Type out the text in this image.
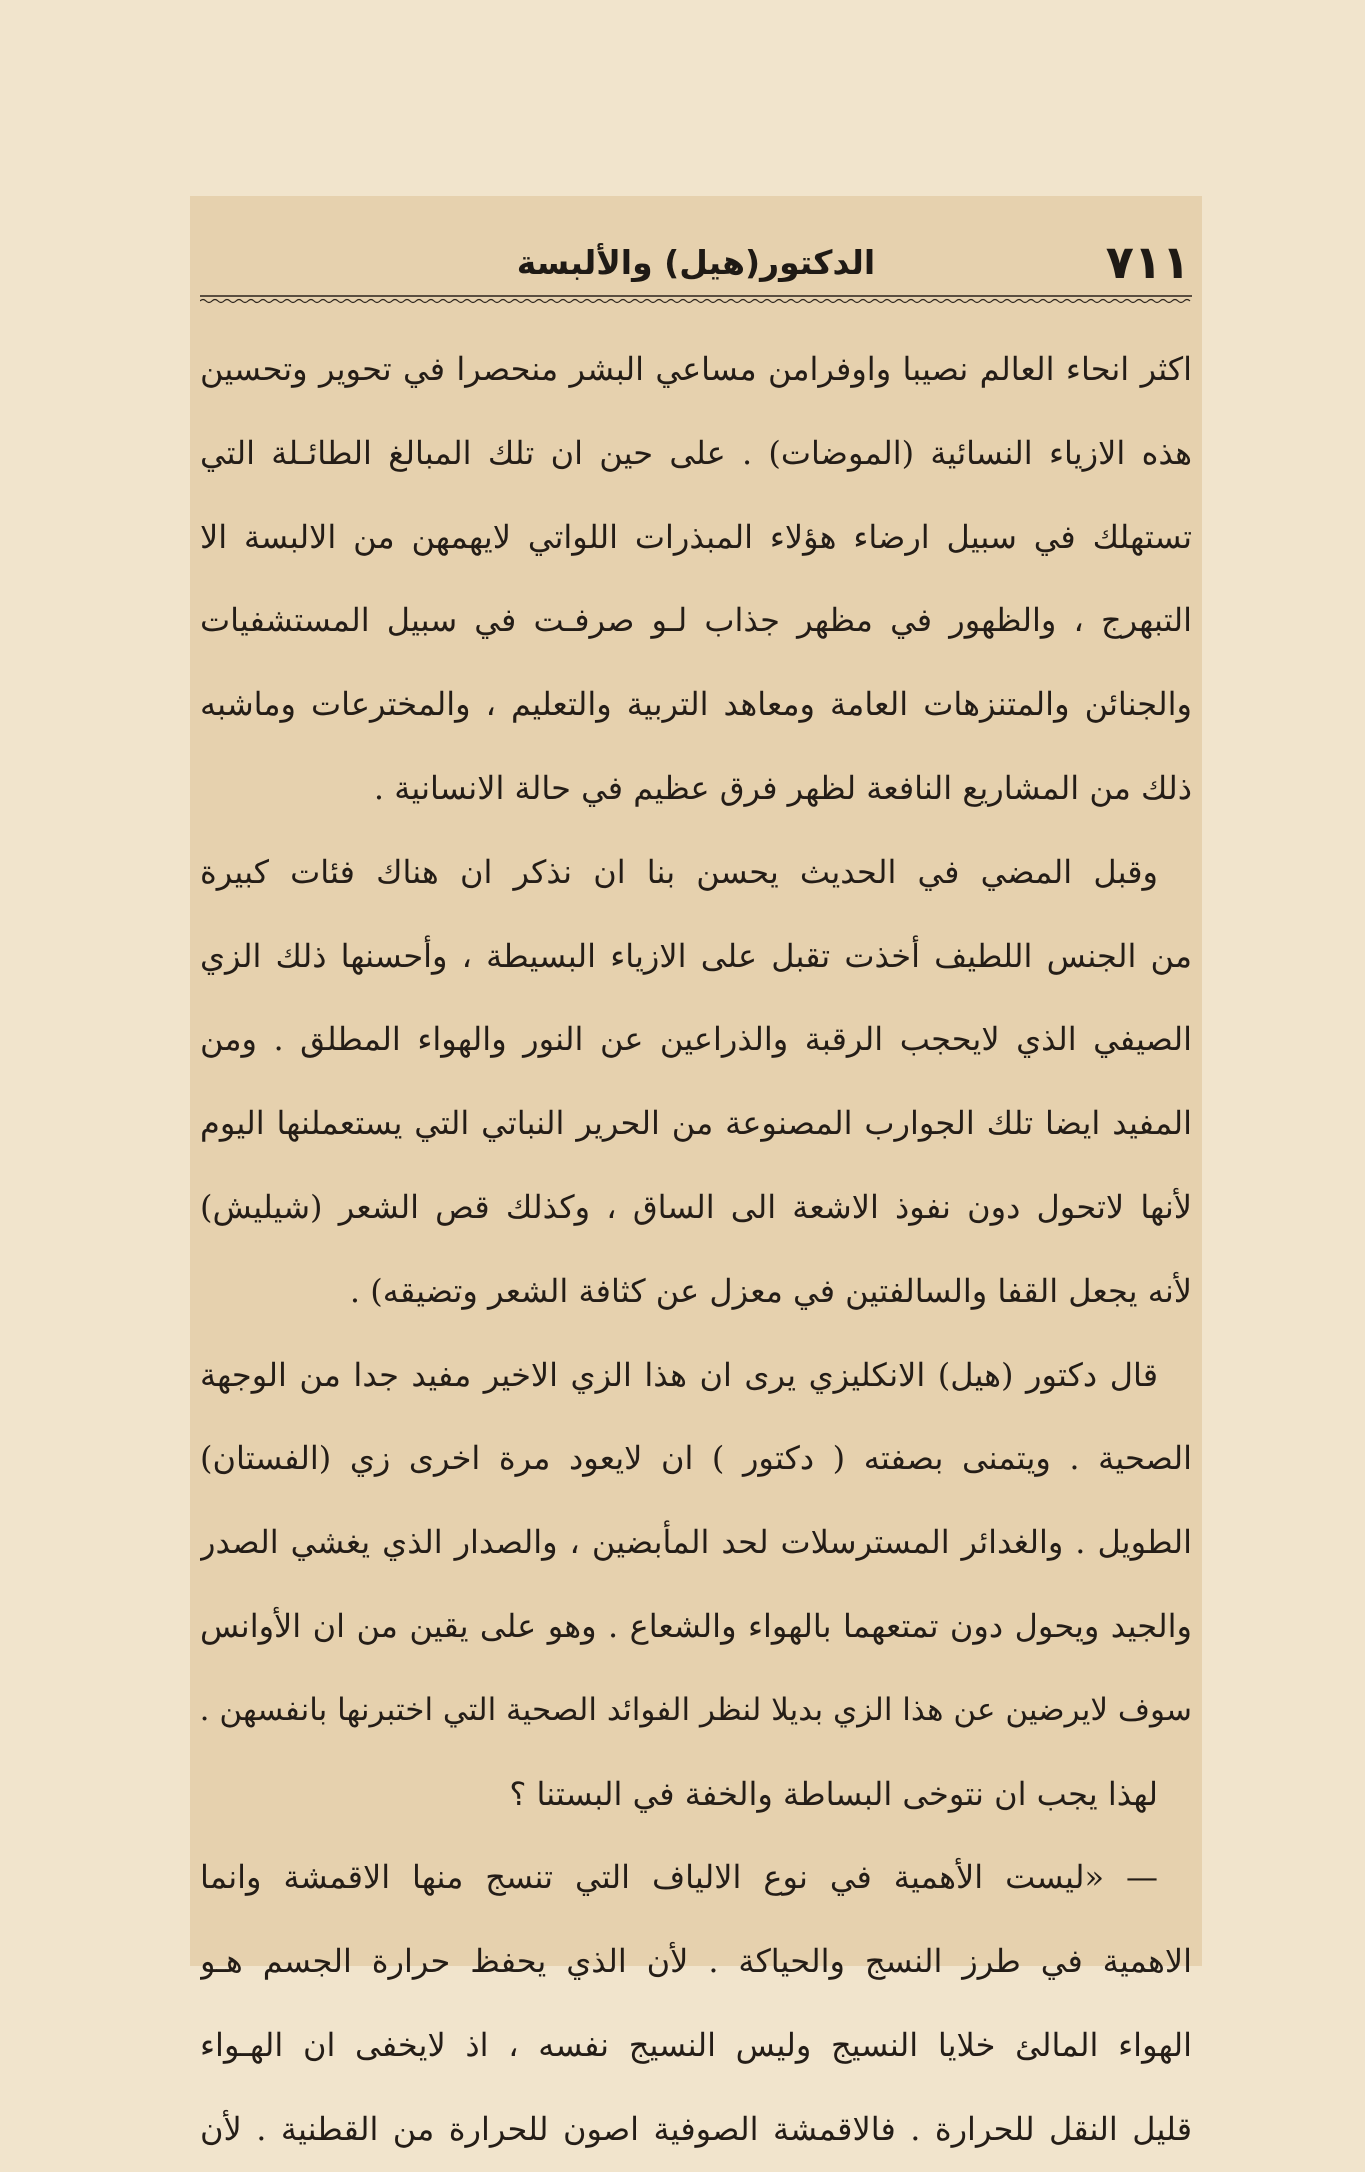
٧١١
الدكتور(هيل) والألبسة
اكثر انحاء العالم نصيبا واوفرامن مساعي البشر منحصرا في تحوير وتحسين
هذه الازياء النسائية (الموضات) . على حين ان تلك المبالغ الطائـلة التي
تستهلك في سبيل ارضاء هؤلاء المبذرات اللواتي لايهمهن من الالبسة الا
التبهرج ، والظهور في مظهر جذاب لـو صرفـت في سبيل المستشفيات
والجنائن والمتنزهات العامة ومعاهد التربية والتعليم ، والمخترعات وماشبه
ذلك من المشاريع النافعة لظهر فرق عظيم في حالة الانسانية .
وقبل المضي في الحديث يحسن بنا ان نذكر ان هناك فئات كبيرة
من الجنس اللطيف أخذت تقبل على الازياء البسيطة ، وأحسنها ذلك الزي
الصيفي الذي لايحجب الرقبة والذراعين عن النور والهواء المطلق . ومن
المفيد ايضا تلك الجوارب المصنوعة من الحرير النباتي التي يستعملنها اليوم
لأنها لاتحول دون نفوذ الاشعة الى الساق ، وكذلك قص الشعر (شيليش)
لأنه يجعل القفا والسالفتين في معزل عن كثافة الشعر وتضيقه) .
قال دكتور (هيل) الانكليزي يرى ان هذا الزي الاخير مفيد جدا من الوجهة
الصحية . ويتمنى بصفته ( دكتور ) ان لايعود مرة اخرى زي (الفستان)
الطويل . والغدائر المسترسلات لحد المأبضين ، والصدار الذي يغشي الصدر
والجيد ويحول دون تمتعهما بالهواء والشعاع . وهو على يقين من ان الأوانس
سوف لايرضين عن هذا الزي بديلا لنظر الفوائد الصحية التي اختبرنها بانفسهن .
لهذا يجب ان نتوخى البساطة والخفة في البستنا ؟
— «ليست الأهمية في نوع الالياف التي تنسج منها الاقمشة وانما
الاهمية في طرز النسج والحياكة . لأن الذي يحفظ حرارة الجسم هـو
الهواء المالئ خلايا النسيج وليس النسيج نفسه ، اذ لايخفى ان الهـواء
قليل النقل للحرارة . فالاقمشة الصوفية اصون للحرارة من القطنية . لأن
